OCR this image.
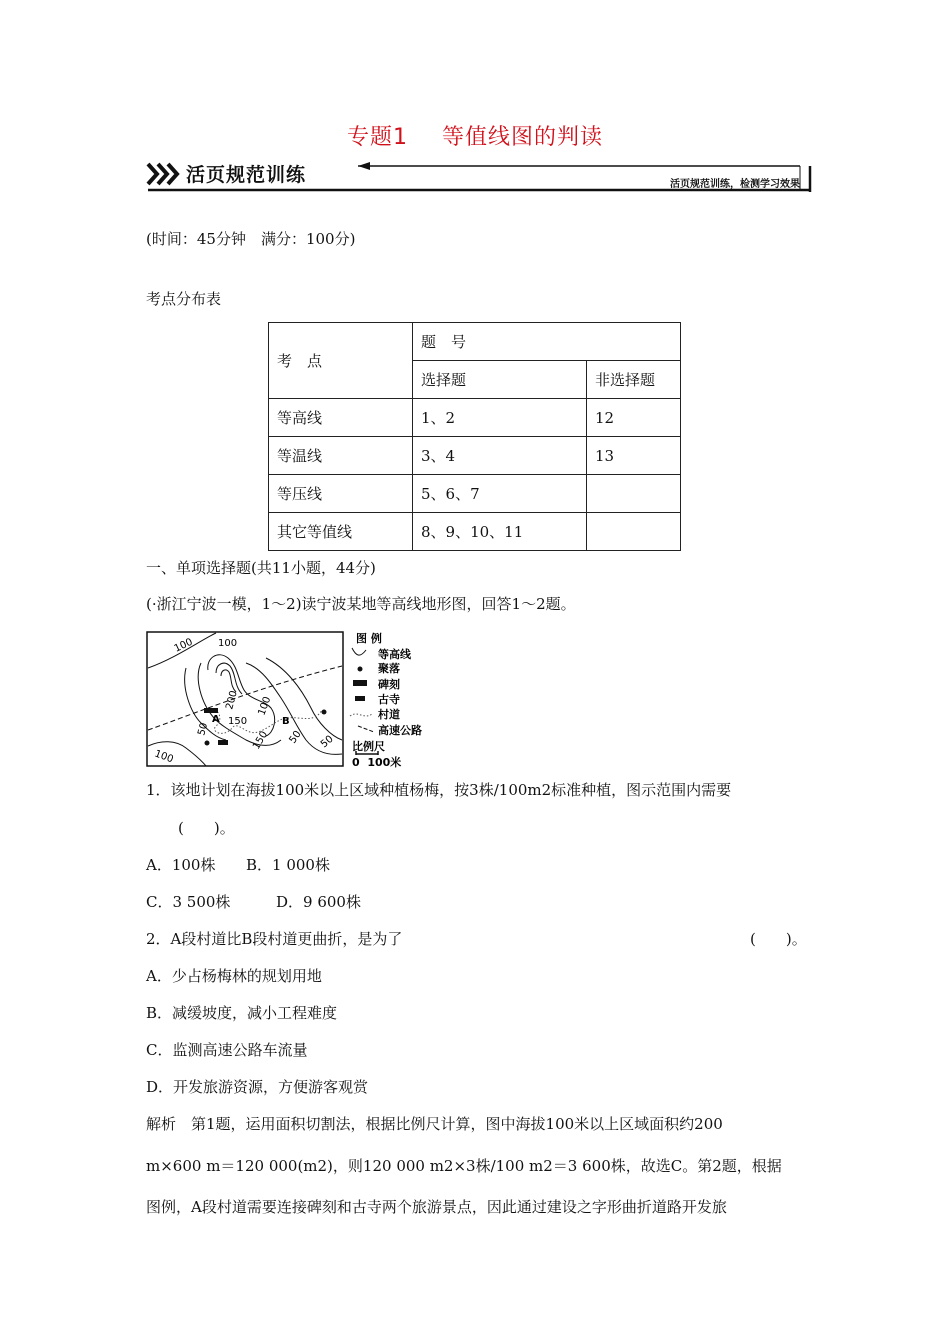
专题1 等值线图的判读
活页规范训练	活页规范训练，检测学习效果
(时间：45分钟　满分：100分)
考点分布表
考　点	题　号	
	选择题	非选择题
等高线	1、2	12
等温线	3、4	13
等压线	5、6、7	
其它等值线	8、9、10、11	
一、单项选择题(共11小题，44分)
(·浙江宁波一模，1～2)读宁波某地等高线地形图，回答1～2题。
100
100
100
200
150
150
100
50	50 50
A	B
图 例
等高线
聚落
碑刻
古寺
村道
高速公路
比例尺
0  100米
1．该地计划在海拔100米以上区域种植杨梅，按3株/100m2标准种植，图示范围内需要
(　　)。
A．100株 B．1 000株
C．3 500株	D．9 600株
2．A段村道比B段村道更曲折，是为了	(　　)。
A．少占杨梅林的规划用地
B．减缓坡度，减小工程难度
C．监测高速公路车流量
D．开发旅游资源，方便游客观赏
解析　第1题，运用面积切割法，根据比例尺计算，图中海拔100米以上区域面积约200
m×600 m＝120 000(m2)，则120 000 m2×3株/100 m2＝3 600株，故选C。第2题，根据
图例，A段村道需要连接碑刻和古寺两个旅游景点，因此通过建设之字形曲折道路开发旅
